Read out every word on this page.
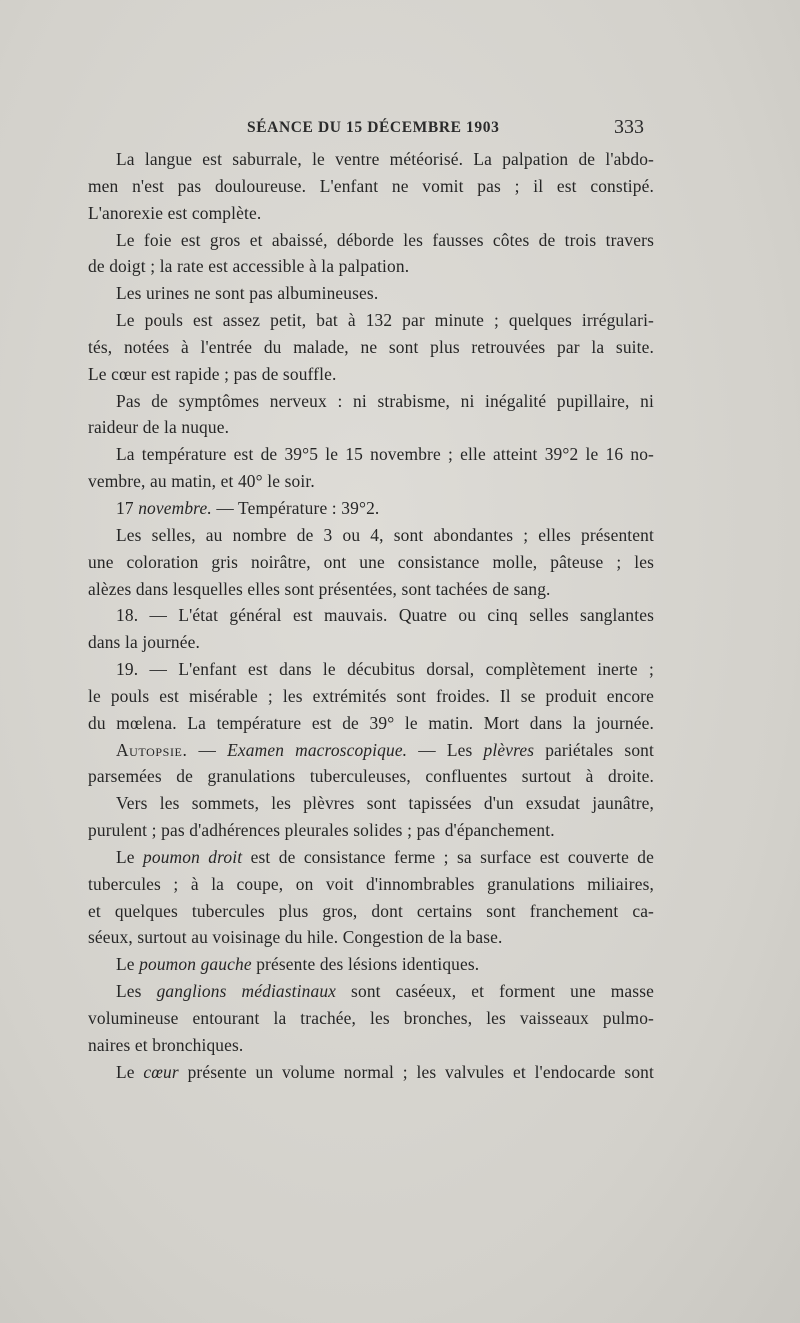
SÉANCE DU 15 DÉCEMBRE 1903	333
La langue est saburrale, le ventre météorisé. La palpation de l'abdo-
men n'est pas douloureuse. L'enfant ne vomit pas ; il est constipé.
L'anorexie est complète.
Le foie est gros et abaissé, déborde les fausses côtes de trois travers
de doigt ; la rate est accessible à la palpation.
Les urines ne sont pas albumineuses.
Le pouls est assez petit, bat à 132 par minute ; quelques irrégulari-
tés, notées à l'entrée du malade, ne sont plus retrouvées par la suite.
Le cœur est rapide ; pas de souffle.
Pas de symptômes nerveux : ni strabisme, ni inégalité pupillaire, ni
raideur de la nuque.
La température est de 39°5 le 15 novembre ; elle atteint 39°2 le 16 no-
vembre, au matin, et 40° le soir.
17 novembre. — Température : 39°2.
Les selles, au nombre de 3 ou 4, sont abondantes ; elles présentent
une coloration gris noirâtre, ont une consistance molle, pâteuse ; les
alèzes dans lesquelles elles sont présentées, sont tachées de sang.
18. — L'état général est mauvais. Quatre ou cinq selles sanglantes
dans la journée.
19. — L'enfant est dans le décubitus dorsal, complètement inerte ;
le pouls est misérable ; les extrémités sont froides. Il se produit encore
du mœlena. La température est de 39° le matin. Mort dans la journée.
Autopsie. — Examen macroscopique. — Les plèvres pariétales sont
parsemées de granulations tuberculeuses, confluentes surtout à droite.
Vers les sommets, les plèvres sont tapissées d'un exsudat jaunâtre,
purulent ; pas d'adhérences pleurales solides ; pas d'épanchement.
Le poumon droit est de consistance ferme ; sa surface est couverte de
tubercules ; à la coupe, on voit d'innombrables granulations miliaires,
et quelques tubercules plus gros, dont certains sont franchement ca-
séeux, surtout au voisinage du hile. Congestion de la base.
Le poumon gauche présente des lésions identiques.
Les ganglions médiastinaux sont caséeux, et forment une masse
volumineuse entourant la trachée, les bronches, les vaisseaux pulmo-
naires et bronchiques.
Le cœur présente un volume normal ; les valvules et l'endocarde sont
